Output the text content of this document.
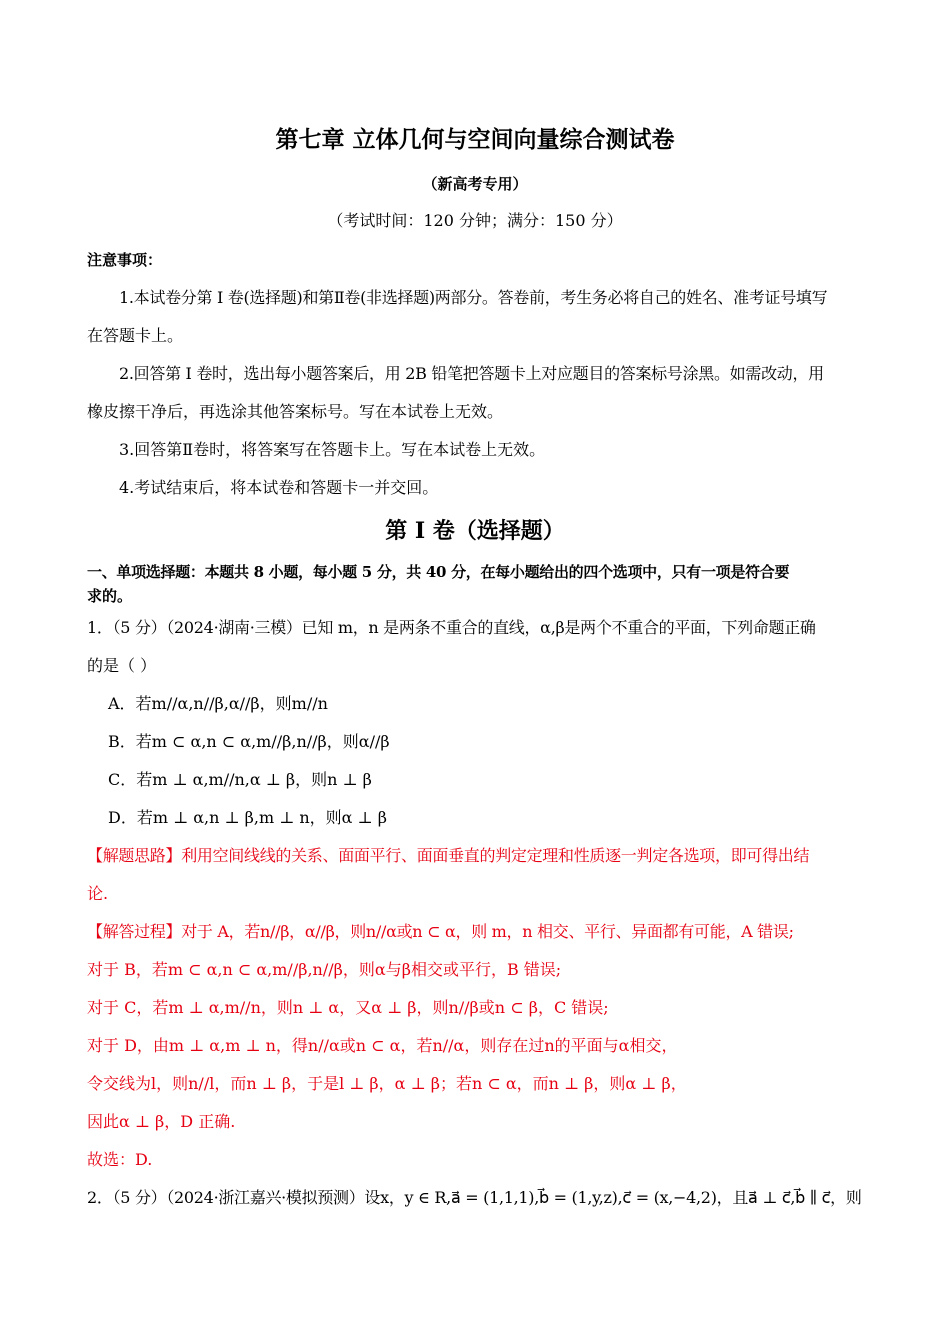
第七章 立体几何与空间向量综合测试卷
（新高考专用）
（考试时间：120 分钟；满分：150 分）
注意事项：
1.本试卷分第 I 卷(选择题)和第Ⅱ卷(非选择题)两部分。答卷前，考生务必将自己的姓名、准考证号填写
在答题卡上。
2.回答第 I 卷时，选出每小题答案后，用 2B 铅笔把答题卡上对应题目的答案标号涂黑。如需改动，用
橡皮擦干净后，再选涂其他答案标号。写在本试卷上无效。
3.回答第Ⅱ卷时，将答案写在答题卡上。写在本试卷上无效。
4.考试结束后，将本试卷和答题卡一并交回。
第 I 卷（选择题）
一、单项选择题：本题共 8 小题，每小题 5 分，共 40 分，在每小题给出的四个选项中，只有一项是符合要
求的。
1．（5 分）（2024·湖南·三模）已知 m，n 是两条不重合的直线，α,β是两个不重合的平面，下列命题正确
的是（ ）
A．若m//α,n//β,α//β，则m//n
B．若m ⊂ α,n ⊂ α,m//β,n//β，则α//β
C．若m ⊥ α,m//n,α ⊥ β，则n ⊥ β
D．若m ⊥ α,n ⊥ β,m ⊥ n，则α ⊥ β
【解题思路】利用空间线线的关系、面面平行、面面垂直的判定定理和性质逐一判定各选项，即可得出结
论.
【解答过程】对于 A，若n//β，α//β，则n//α或n ⊂ α，则 m，n 相交、平行、异面都有可能，A 错误;
对于 B，若m ⊂ α,n ⊂ α,m//β,n//β，则α与β相交或平行，B 错误;
对于 C，若m ⊥ α,m//n，则n ⊥ α，又α ⊥ β，则n//β或n ⊂ β，C 错误;
对于 D，由m ⊥ α,m ⊥ n，得n//α或n ⊂ α，若n//α，则存在过n的平面与α相交，
令交线为l，则n//l，而n ⊥ β，于是l ⊥ β，α ⊥ β；若n ⊂ α，而n ⊥ β，则α ⊥ β，
因此α ⊥ β，D 正确.
故选：D.
2．（5 分）（2024·浙江嘉兴·模拟预测）设x，y ∈ R,a⃗ = (1,1,1),b⃗ = (1,y,z),c⃗ = (x,−4,2)，且a⃗ ⊥ c⃗,b⃗ ∥ c⃗，则
